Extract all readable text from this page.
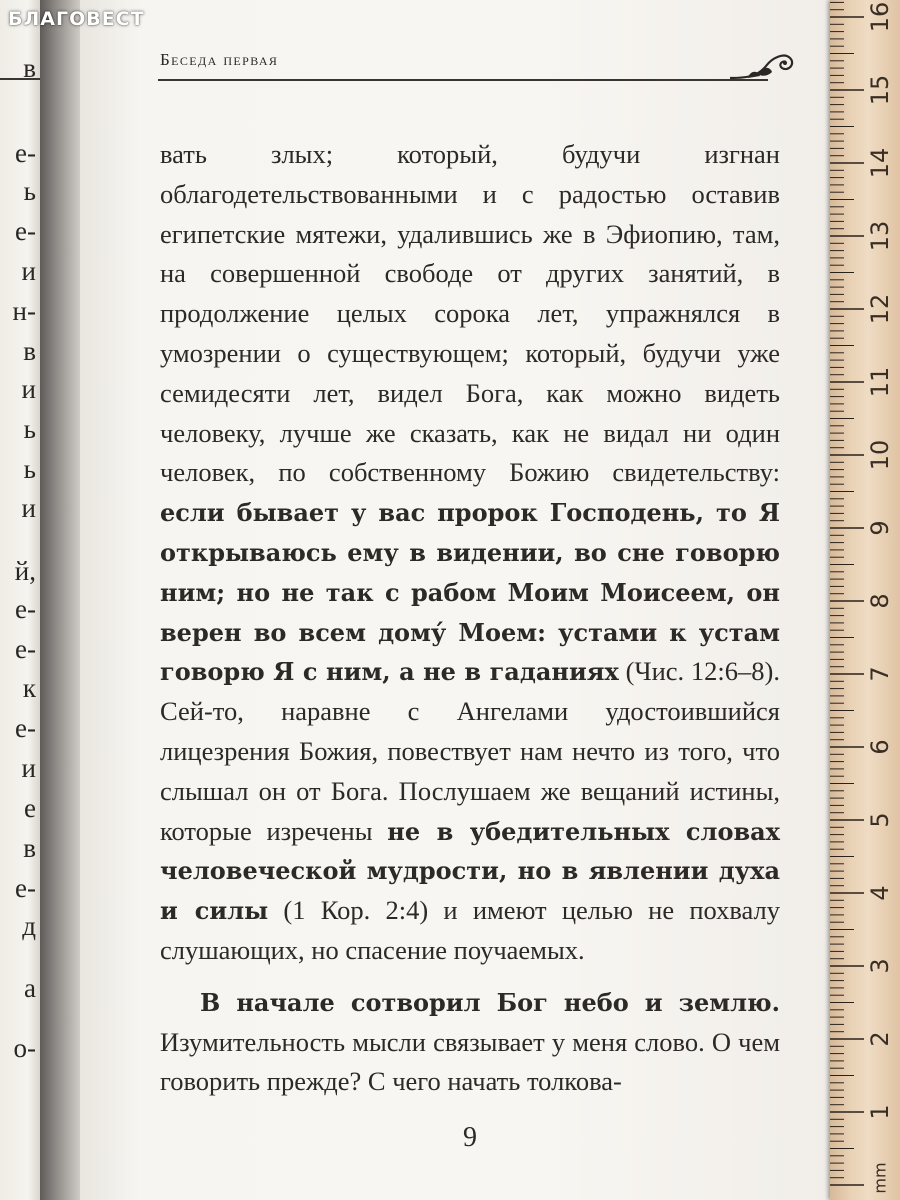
в
е-
ь
е-
и
н-
в
и
ь
ь
и
й,
е-
е-
к
е-
и
е
в
е-
д
а
о-
Беседа первая

вать злых; который, будучи изгнан облагодетельствованными и с радостью оставив египетские мятежи, удалившись же в Эфиопию, там, на совершенной свободе от других занятий, в продолжение целых сорока лет, упражнялся в умозрении о существующем; который, будучи уже семидесяти лет, видел Бога, как можно видеть человеку, лучше же сказать, как не видал ни один человек, по собственному Божию свидетельству: если бывает у вас пророк Господень, то Я открываюсь ему в видении, во сне говорю ним; но не так с рабом Моим Моисеем, он верен во всем дому́ Моем: устами к устам говорю Я с ним, а не в гаданиях (Чис. 12:6–8). Сей-то, наравне с Ангелами удостоившийся лицезрения Божия, повествует нам нечто из того, что слышал он от Бога. Послушаем же вещаний истины, которые изречены не в убедительных словах человеческой мудрости, но в явлении духа и силы (1 Кор. 2:4) и имеют целью не похвалу слушающих, но спасение поучаемых.

В начале сотворил Бог небо и землю. Изумительность мысли связывает у меня слово. О чем говорить прежде? С чего начать толкова-

9
БЛАГОВЕСТ
1
2
3
4
5
6
7
8
9
10
11
12
13
14
15
16
mm
